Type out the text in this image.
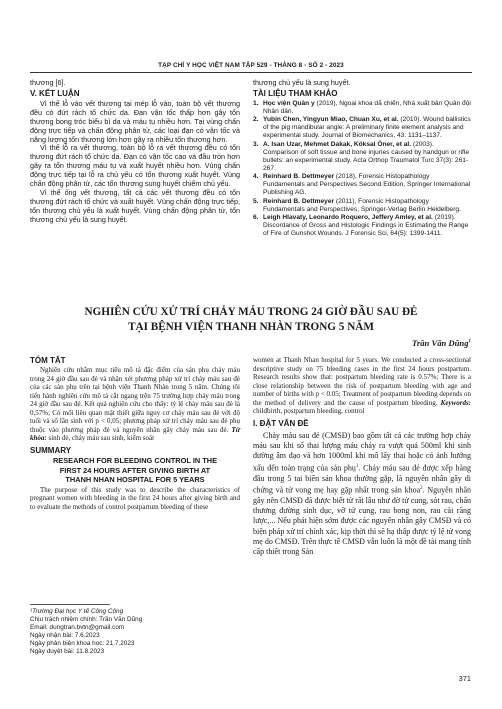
TẠP CHÍ Y HỌC VIỆT NAM TẬP 529 - THÁNG 8 - SỐ 2 - 2023
thương [6].
V. KẾT LUẬN
Vì thế lỗ vào vết thương tại mép lỗ vào, toàn bộ vết thương đều có đứt rách tổ chức da. Đạn vận tốc thấp hơn gây tổn thương bong tróc biểu bì da và máu tụ nhiều hơn. Tại vùng chấn động trực tiếp và chấn động phân tử, các loại đạn có vận tốc và năng lượng tổn thương lớn hơn gây ra nhiều tổn thương hơn.
Vì thế lỗ ra vết thương, toàn bộ lỗ ra vết thương đều có tổn thương đứt rách tổ chức da. Đạn có vận tốc cao và đầu tròn hơn gây ra tổn thương máu tụ và xuất huyết nhiều hơn. Vùng chấn động trực tiếp tại lỗ ra chủ yếu có tổn thương xuất huyết. Vùng chấn động phân tử, các tổn thương sung huyết chiếm chủ yếu.
Vì thế ống vết thương, tất cả các vết thương đều có tổn thương đứt rách tổ chức và xuất huyết. Vùng chấn động trực tiếp, tổn thương chủ yếu là xuất huyết. Vùng chấn động phân tử, tổn thương chủ yếu là sung huyết.
thương chủ yếu là sung huyết.
TÀI LIỆU THAM KHẢO
1. Học viện Quân y (2019), Ngoại khoa dã chiến, Nhà xuất bản Quân đội Nhân dân.
2. Yubin Chen, Yingyun Miao, Chuan Xu, et al. (2010). Wound ballistics of the pig mandibular angle: A preliminary finite element analysis and experimental study. Journal of Biomechanics, 43: 1131–1137.
3. A. Isan Uzar, Mehmet Dakak, Köksal Öner, et al. (2003). Comparison of soft tissue and bone injuries caused by handgun or rifle bullets: an experimental study. Acta Orthop Traumatol Turc 37(3): 261-267.
4. Reinhard B. Dettmeyer (2018), Forensic Histopathology Fundamentals and Perspectives Second Edition, Springer International Publishing AG.
5. Reinhard B. Dettmeyer (2011), Forensic Histopathology Fundamentals and Perspectives, Springer-Verlag Berlin Heidelberg.
6. Leigh Hlavaty, Leonardo Roquero, Jeffery Amley, et al. (2019). Discordance of Gross and Histologic Findings in Estimating the Range of Fire of Gunshot Wounds. J Forensic Sci, 64(5): 1399-1411.
NGHIÊN CỨU XỬ TRÍ CHẢY MÁU TRONG 24 GIỜ ĐẦU SAU ĐẺ
TẠI BỆNH VIỆN THANH NHÀN TRONG 5 NĂM
Trần Văn Dũng$^1$
TÓM TẮT
Nghiên cứu nhằm mục tiêu mô tả đặc điểm của sản phụ chảy máu trong 24 giờ đầu sau đẻ và nhận xét phương pháp xử trí chảy máu sau đẻ của các sản phụ trên tại bệnh viện Thanh Nhàn trong 5 năm. Chúng tôi tiến hành nghiên cứu mô tả cắt ngang trên 75 trường hợp chảy máu trong 24 giờ đầu sau đẻ. Kết quả nghiên cứu cho thấy: tỷ lệ chảy máu sau đẻ là 0,57%; Có mối liên quan mật thiết giữa nguy cơ chảy máu sau đẻ với độ tuổi và số lần sinh với p < 0,05; phương pháp xử trí chảy máu sau đẻ phụ thuộc vào phương pháp đẻ và nguyên nhân gây chảy máu sau đẻ. Từ khóa: sinh đẻ, chảy máu sau sinh, kiểm soát
SUMMARY
RESEARCH FOR BLEEDING CONTROL IN THE
FIRST 24 HOURS AFTER GIVING BIRTH AT
THANH NHAN HOSPITAL FOR 5 YEARS
The purpose of this study was to describe the characteristics of pregnant women with bleeding in the first 24 hours after giving birth and to evaluate the methods of control postpartum bleeding of these
women at Thanh Nhan hospital for 5 years. We conducted a cross-sectional descriptive study on 75 bleeding cases in the first 24 hours postpartum. Research results show that: postpartum bleeding rate is 0.57%; There is a close relationship between the risk of postpartum bleeding with age and number of births with p < 0.05; Treatment of postpartum bleeding depends on the method of delivery and the cause of postpartum bleeding. Keywords: childbirth, postpartum bleeding, control
I. ĐẶT VẤN ĐỀ
Chảy máu sau đẻ (CMSĐ) bao gồm tất cả các trường hợp chảy máu sau khi sổ thai lượng máu chảy ra vượt quá 500ml khi sinh đường âm đạo và hơn 1000ml khi mổ lấy thai hoặc có ảnh hưởng xấu đến toàn trạng của sản phụ$^1$. Chảy máu sau đẻ được xếp hàng đầu trong 5 tai biến sản khoa thường gặp, là nguyên nhân gây di chứng và tử vong mẹ hay gặp nhất trong sản khoa$^2$. Nguyên nhân gây nên CMSĐ đã được biết từ rất lâu như đờ tử cung, sót rau, chấn thương đường sinh dục, vỡ tử cung, rau bong non, rau cài răng lược,... Nếu phát hiện sớm được các nguyên nhân gây CMSĐ và có biện pháp xử trí chính xác, kịp thời thì sẽ hạ thấp được tỷ lệ tử vong mẹ do CMSĐ. Trên thực tế CMSĐ vẫn luôn là một đề tài mang tính cấp thiết trong Sản
¹Trường Đại học Y tế Công Cộng
Chịu trách nhiệm chính: Trần Văn Dũng
Email: dungtran.bvtn@gmail.com
Ngày nhận bài: 7.6.2023
Ngày phản biện khoa học: 21.7.2023
Ngày duyệt bài: 11.8.2023
371
